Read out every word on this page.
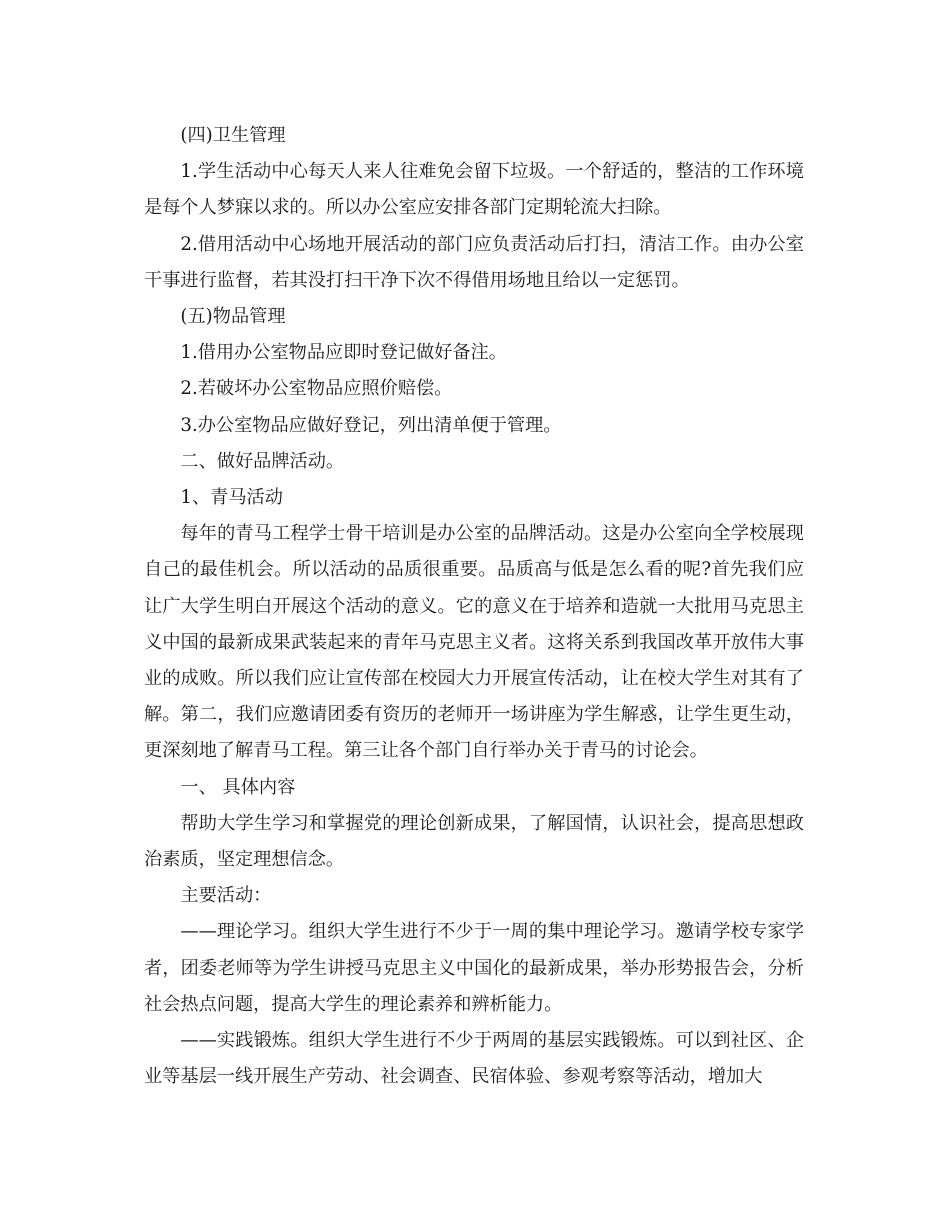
(四)卫生管理

1.学生活动中心每天人来人往难免会留下垃圾。一个舒适的，整洁的工作环境是每个人梦寐以求的。所以办公室应安排各部门定期轮流大扫除。

2.借用活动中心场地开展活动的部门应负责活动后打扫，清洁工作。由办公室干事进行监督，若其没打扫干净下次不得借用场地且给以一定惩罚。

(五)物品管理

1.借用办公室物品应即时登记做好备注。

2.若破坏办公室物品应照价赔偿。

3.办公室物品应做好登记，列出清单便于管理。

二、做好品牌活动。

1、青马活动

每年的青马工程学士骨干培训是办公室的品牌活动。这是办公室向全学校展现自己的最佳机会。所以活动的品质很重要。品质高与低是怎么看的呢?首先我们应让广大学生明白开展这个活动的意义。它的意义在于培养和造就一大批用马克思主义中国的最新成果武装起来的青年马克思主义者。这将关系到我国改革开放伟大事业的成败。所以我们应让宣传部在校园大力开展宣传活动，让在校大学生对其有了解。第二，我们应邀请团委有资历的老师开一场讲座为学生解惑，让学生更生动，更深刻地了解青马工程。第三让各个部门自行举办关于青马的讨论会。

一、 具体内容

帮助大学生学习和掌握党的理论创新成果，了解国情，认识社会，提高思想政治素质，坚定理想信念。

主要活动：

——理论学习。组织大学生进行不少于一周的集中理论学习。邀请学校专家学者，团委老师等为学生讲授马克思主义中国化的最新成果，举办形势报告会，分析社会热点问题，提高大学生的理论素养和辨析能力。

——实践锻炼。组织大学生进行不少于两周的基层实践锻炼。可以到社区、企业等基层一线开展生产劳动、社会调查、民宿体验、参观考察等活动，增加大
